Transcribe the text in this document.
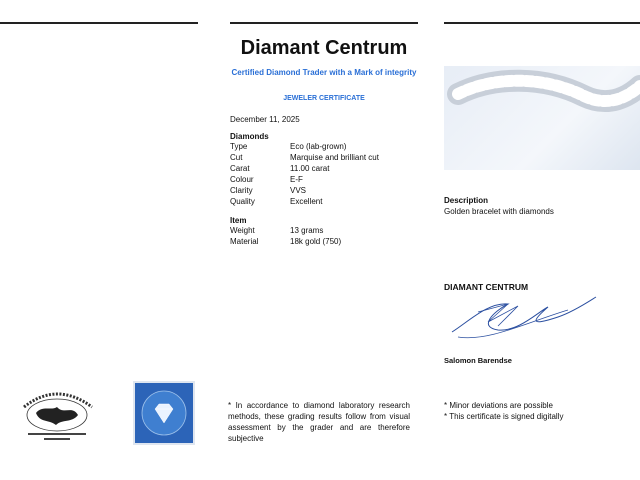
Diamant Centrum
Certified Diamond Trader with a Mark of integrity
JEWELER CERTIFICATE
December 11, 2025
Diamonds
Type	Eco (lab-grown)
Cut	Marquise and brilliant cut
Carat	11.00 carat
Colour	E-F
Clarity	VVS
Quality	Excellent
Item
Weight	13 grams
Material	18k gold (750)
Description
Golden bracelet with diamonds
DIAMANT CENTRUM
Salomon Barendse
* In accordance to diamond laboratory research methods, these grading results follow from visual assessment by the grader and are therefore subjective
* Minor deviations are possible
* This certificate is signed digitally
